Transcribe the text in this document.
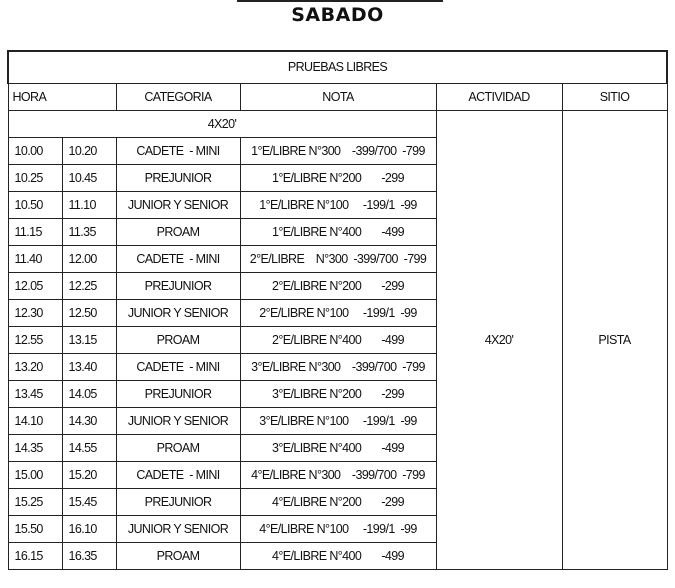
SABADO
PRUEBAS LIBRES					
HORA		CATEGORIA	NOTA	ACTIVIDAD	SITIO
4X20'				4X20'	PISTA
10.00	10.20	CADETE  - MINI	1°E/LIBRE N°300    -399/700  -799		
10.25	10.45	PREJUNIOR	1°E/LIBRE N°200       -299		
10.50	11.10	JUNIOR Y SENIOR	1°E/LIBRE N°100     -199/1  -99		
11.15	11.35	PROAM	1°E/LIBRE N°400       -499		
11.40	12.00	CADETE  - MINI	2°E/LIBRE    N°300  -399/700  -799		
12.05	12.25	PREJUNIOR	2°E/LIBRE N°200       -299		
12.30	12.50	JUNIOR Y SENIOR	2°E/LIBRE N°100     -199/1  -99		
12.55	13.15	PROAM	2°E/LIBRE N°400       -499		
13.20	13.40	CADETE  - MINI	3°E/LIBRE N°300    -399/700  -799		
13.45	14.05	PREJUNIOR	3°E/LIBRE N°200       -299		
14.10	14.30	JUNIOR Y SENIOR	3°E/LIBRE N°100     -199/1  -99		
14.35	14.55	PROAM	3°E/LIBRE N°400       -499		
15.00	15.20	CADETE  - MINI	4°E/LIBRE N°300    -399/700  -799		
15.25	15.45	PREJUNIOR	4°E/LIBRE N°200       -299		
15.50	16.10	JUNIOR Y SENIOR	4°E/LIBRE N°100     -199/1  -99		
16.15	16.35	PROAM	4°E/LIBRE N°400       -499		
